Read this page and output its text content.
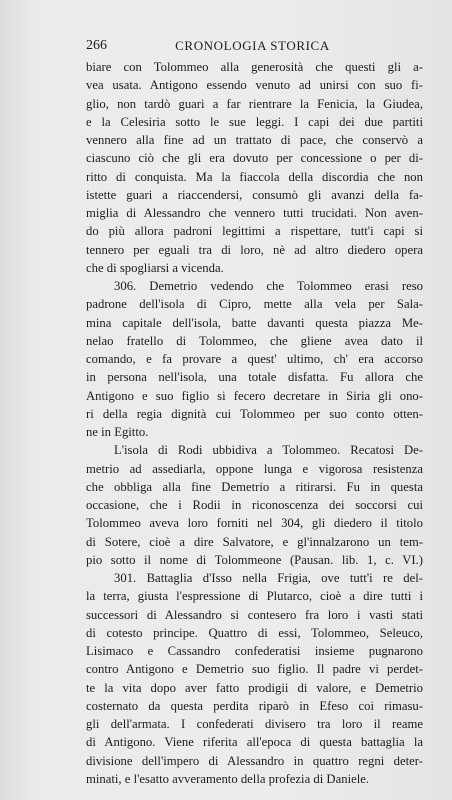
266	CRONOLOGIA STORICA
biare con Tolommeo alla generosità che questi gli a-
vea usata. Antigono essendo venuto ad unirsi con suo fi-
glio, non tardò guari a far rientrare la Fenicia, la Giudea,
e la Celesiria sotto le sue leggi. I capi dei due partiti
vennero alla fine ad un trattato di pace, che conservò a
ciascuno ciò che gli era dovuto per concessione o per di-
ritto di conquista. Ma la fiaccola della discordia che non
istette guari a riaccendersi, consumò gli avanzi della fa-
miglia di Alessandro che vennero tutti trucidati. Non aven-
do più allora padroni legittimi a rispettare, tutt'i capi si
tennero per eguali tra di loro, nè ad altro diedero opera
che di spogliarsi a vicenda.
306. Demetrio vedendo che Tolommeo erasi reso
padrone dell'isola di Cipro, mette alla vela per Sala-
mina capitale dell'isola, batte davanti questa piazza Me-
nelao fratello di Tolommeo, che gliene avea dato il
comando, e fa provare a quest' ultimo, ch' era accorso
in persona nell'isola, una totale disfatta. Fu allora che
Antigono e suo figlio si fecero decretare in Siria gli ono-
ri della regia dignità cui Tolommeo per suo conto otten-
ne in Egitto.
L'isola di Rodi ubbidiva a Tolommeo. Recatosi De-
metrio ad assediarla, oppone lunga e vigorosa resistenza
che obbliga alla fine Demetrio a ritirarsi. Fu in questa
occasione, che i Rodii in riconoscenza dei soccorsi cui
Tolommeo aveva loro forniti nel 304, gli diedero il titolo
di Sotere, cioè a dire Salvatore, e gl'innalzarono un tem-
pio sotto il nome di Tolommeone (Pausan. lib. 1, c. VI.)
301. Battaglia d'Isso nella Frigia, ove tutt'i re del-
la terra, giusta l'espressione di Plutarco, cioè a dire tutti i
successori di Alessandro si contesero fra loro i vasti stati
di cotesto principe. Quattro di essi, Tolommeo, Seleuco,
Lisimaco e Cassandro confederatisi insieme pugnarono
contro Antigono e Demetrio suo figlio. Il padre vi perdet-
te la vita dopo aver fatto prodigii di valore, e Demetrio
costernato da questa perdita riparò in Efeso coi rimasu-
gli dell'armata. I confederati divisero tra loro il reame
di Antigono. Viene riferita all'epoca di questa battaglia la
divisione dell'impero di Alessandro in quattro regni deter-
minati, e l'esatto avveramento della profezia di Daniele.
